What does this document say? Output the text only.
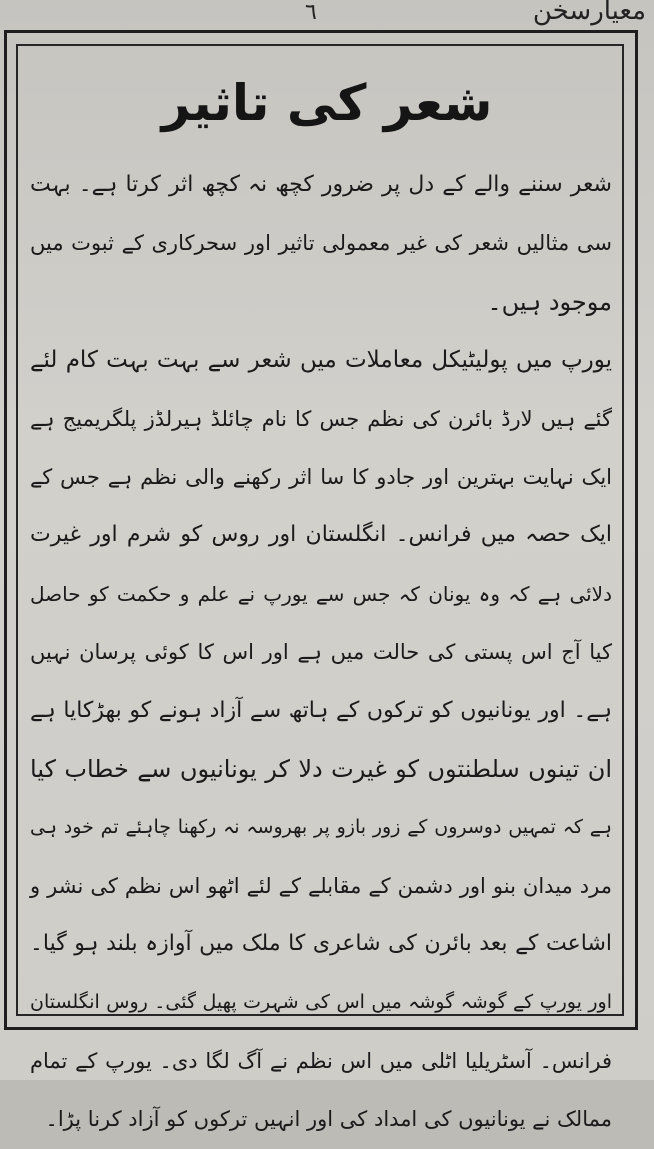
٦	معیارسخن
شعر کی تاثیر
شعر سننے والے کے دل پر ضرور کچھ نہ کچھ اثر کرتا ہے۔ بہت
سی مثالیں شعر کی غیر معمولی تاثیر اور سحرکاری کے ثبوت میں
موجود ہیں۔
یورپ میں پولیٹیکل معاملات میں شعر سے بہت بہت کام لئے
گئے ہیں لارڈ بائرن کی نظم جس کا نام چائلڈ ہیرلڈز پلگریمیج ہے
ایک نہایت بہترین اور جادو کا سا اثر رکھنے والی نظم ہے جس کے
ایک حصہ میں فرانس۔ انگلستان اور روس کو شرم اور غیرت
دلائی ہے کہ وہ یونان کہ جس سے یورپ نے علم و حکمت کو حاصل
کیا آج اس پستی کی حالت میں ہے اور اس کا کوئی پرسان نہیں
ہے۔ اور یونانیوں کو ترکوں کے ہاتھ سے آزاد ہونے کو بھڑکایا ہے
ان تینوں سلطنتوں کو غیرت دلا کر یونانیوں سے خطاب کیا
ہے کہ تمہیں دوسروں کے زور بازو پر بھروسہ نہ رکھنا چاہئے تم خود ہی
مرد میدان بنو اور دشمن کے مقابلے کے لئے اٹھو اس نظم کی نشر و
اشاعت کے بعد بائرن کی شاعری کا ملک میں آوازہ بلند ہو گیا۔
اور یورپ کے گوشہ گوشہ میں اس کی شہرت پھیل گئی۔ روس انگلستان
فرانس۔ آسٹریلیا اٹلی میں اس نظم نے آگ لگا دی۔ یورپ کے تمام
ممالک نے یونانیوں کی امداد کی اور انہیں ترکوں کو آزاد کرنا پڑا۔
